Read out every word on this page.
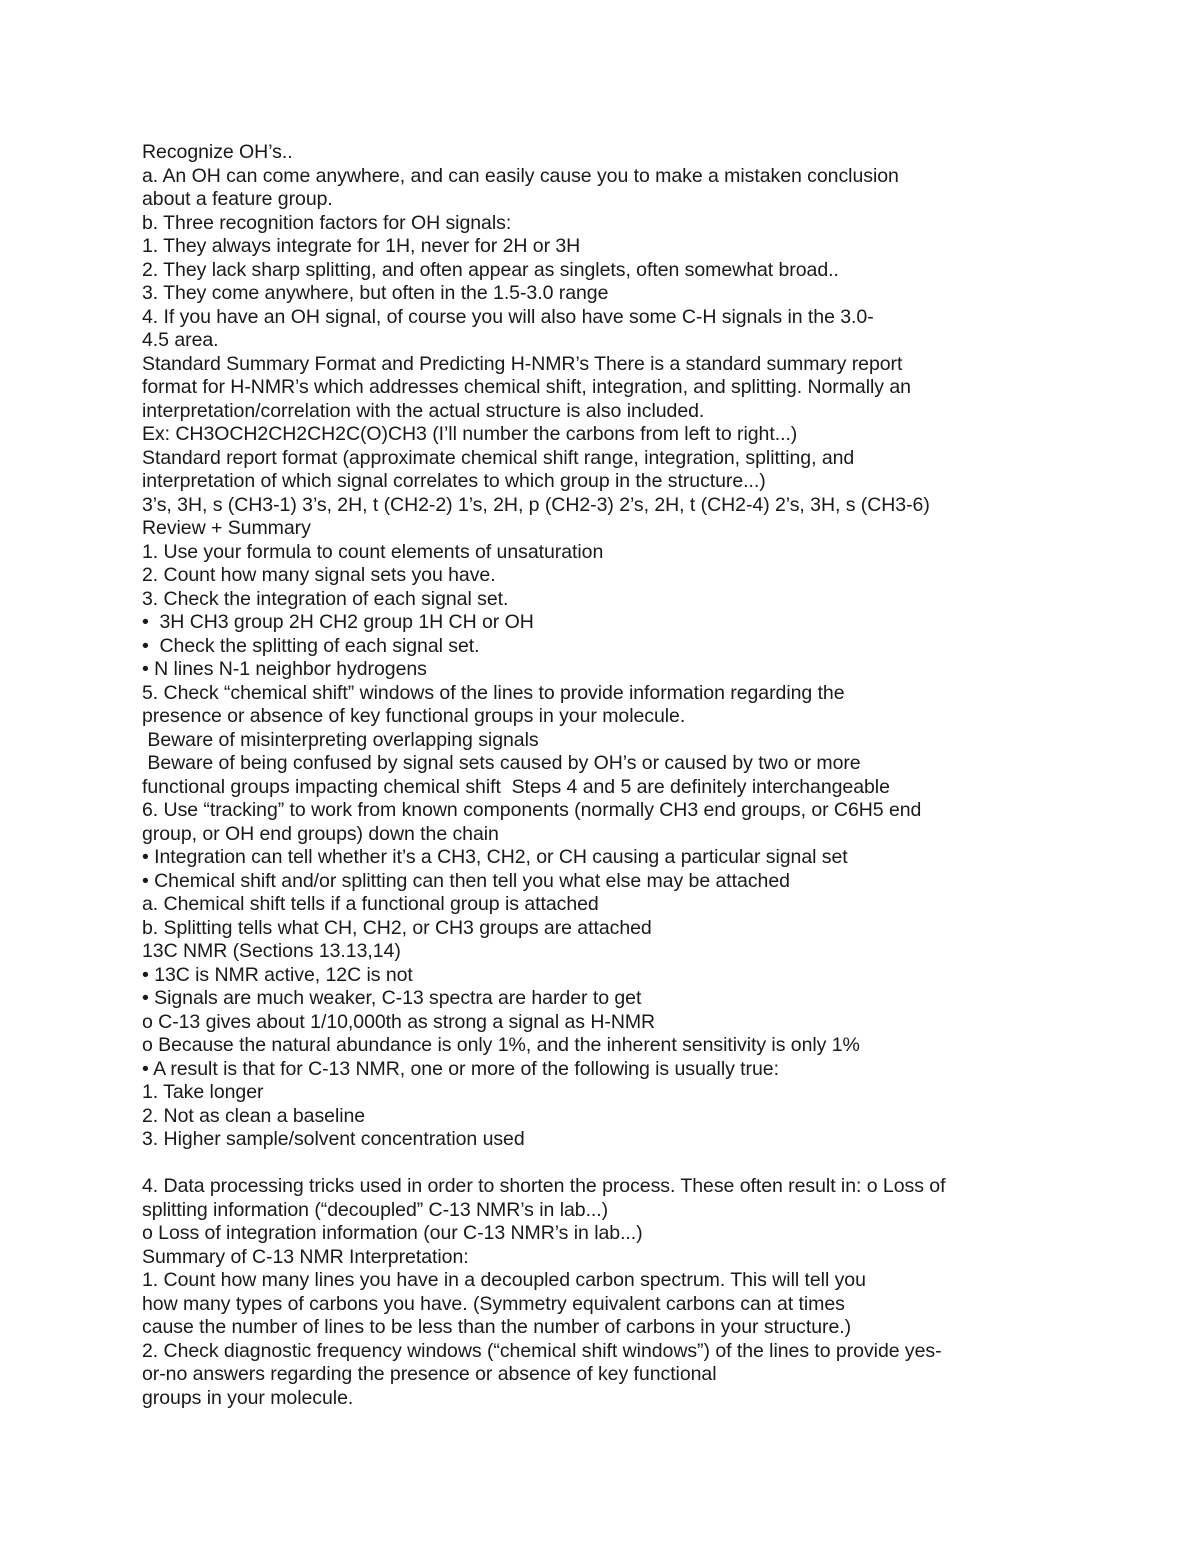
Recognize OH’s..
a. An OH can come anywhere, and can easily cause you to make a mistaken conclusion
about a feature group.
b. Three recognition factors for OH signals:
1. They always integrate for 1H, never for 2H or 3H
2. They lack sharp splitting, and often appear as singlets, often somewhat broad..
3. They come anywhere, but often in the 1.5-3.0 range
4. If you have an OH signal, of course you will also have some C-H signals in the 3.0-
4.5 area.
Standard Summary Format and Predicting H-NMR’s There is a standard summary report
format for H-NMR’s which addresses chemical shift, integration, and splitting. Normally an
interpretation/correlation with the actual structure is also included.
Ex: CH3OCH2CH2CH2C(O)CH3 (I’ll number the carbons from left to right...)
Standard report format (approximate chemical shift range, integration, splitting, and
interpretation of which signal correlates to which group in the structure...)
3’s, 3H, s (CH3-1) 3’s, 2H, t (CH2-2) 1’s, 2H, p (CH2-3) 2’s, 2H, t (CH2-4) 2’s, 3H, s (CH3-6)
Review + Summary
1. Use your formula to count elements of unsaturation
2. Count how many signal sets you have.
3. Check the integration of each signal set.
•  3H CH3 group 2H CH2 group 1H CH or OH
•  Check the splitting of each signal set.
• N lines N-1 neighbor hydrogens
5. Check “chemical shift” windows of the lines to provide information regarding the
presence or absence of key functional groups in your molecule.
Beware of misinterpreting overlapping signals
Beware of being confused by signal sets caused by OH’s or caused by two or more
functional groups impacting chemical shift  Steps 4 and 5 are definitely interchangeable
6. Use “tracking” to work from known components (normally CH3 end groups, or C6H5 end
group, or OH end groups) down the chain
• Integration can tell whether it’s a CH3, CH2, or CH causing a particular signal set
• Chemical shift and/or splitting can then tell you what else may be attached
a. Chemical shift tells if a functional group is attached
b. Splitting tells what CH, CH2, or CH3 groups are attached
13C NMR (Sections 13.13,14)
• 13C is NMR active, 12C is not
• Signals are much weaker, C-13 spectra are harder to get
o C-13 gives about 1/10,000th as strong a signal as H-NMR
o Because the natural abundance is only 1%, and the inherent sensitivity is only 1%
• A result is that for C-13 NMR, one or more of the following is usually true:
1. Take longer
2. Not as clean a baseline
3. Higher sample/solvent concentration used
4. Data processing tricks used in order to shorten the process. These often result in: o Loss of
splitting information (“decoupled” C-13 NMR’s in lab...)
o Loss of integration information (our C-13 NMR’s in lab...)
Summary of C-13 NMR Interpretation:
1. Count how many lines you have in a decoupled carbon spectrum. This will tell you
how many types of carbons you have. (Symmetry equivalent carbons can at times
cause the number of lines to be less than the number of carbons in your structure.)
2. Check diagnostic frequency windows (“chemical shift windows”) of the lines to provide yes-
or-no answers regarding the presence or absence of key functional
groups in your molecule.
